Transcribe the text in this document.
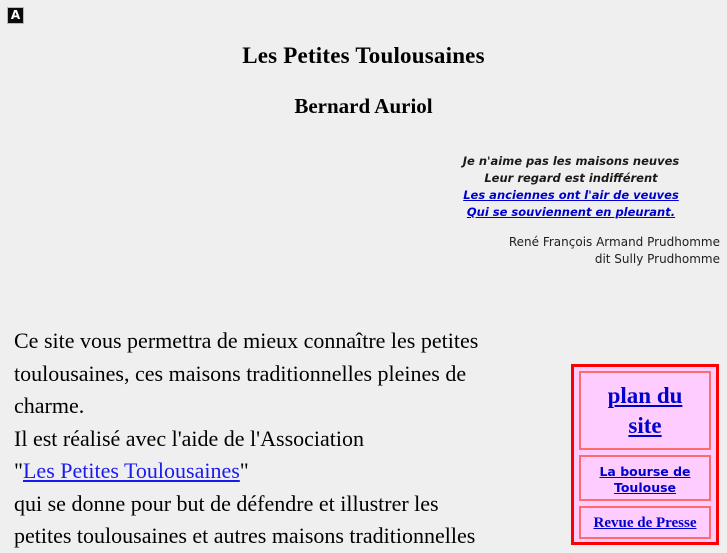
A
Les Petites Toulousaines
Bernard Auriol
Je n'aime pas les maisons neuves
Leur regard est indifférent
Les anciennes ont l'air de veuves
Qui se souviennent en pleurant.
René François Armand Prudhomme
dit Sully Prudhomme
Ce site vous permettra de mieux connaître les petites
toulousaines, ces maisons traditionnelles pleines de
charme.
Il est réalisé avec l'aide de l'Association
"Les Petites Toulousaines"
qui se donne pour but de défendre et illustrer les
petites toulousaines et autres maisons traditionnelles
plan du
site
La bourse de
Toulouse
Revue de Presse
